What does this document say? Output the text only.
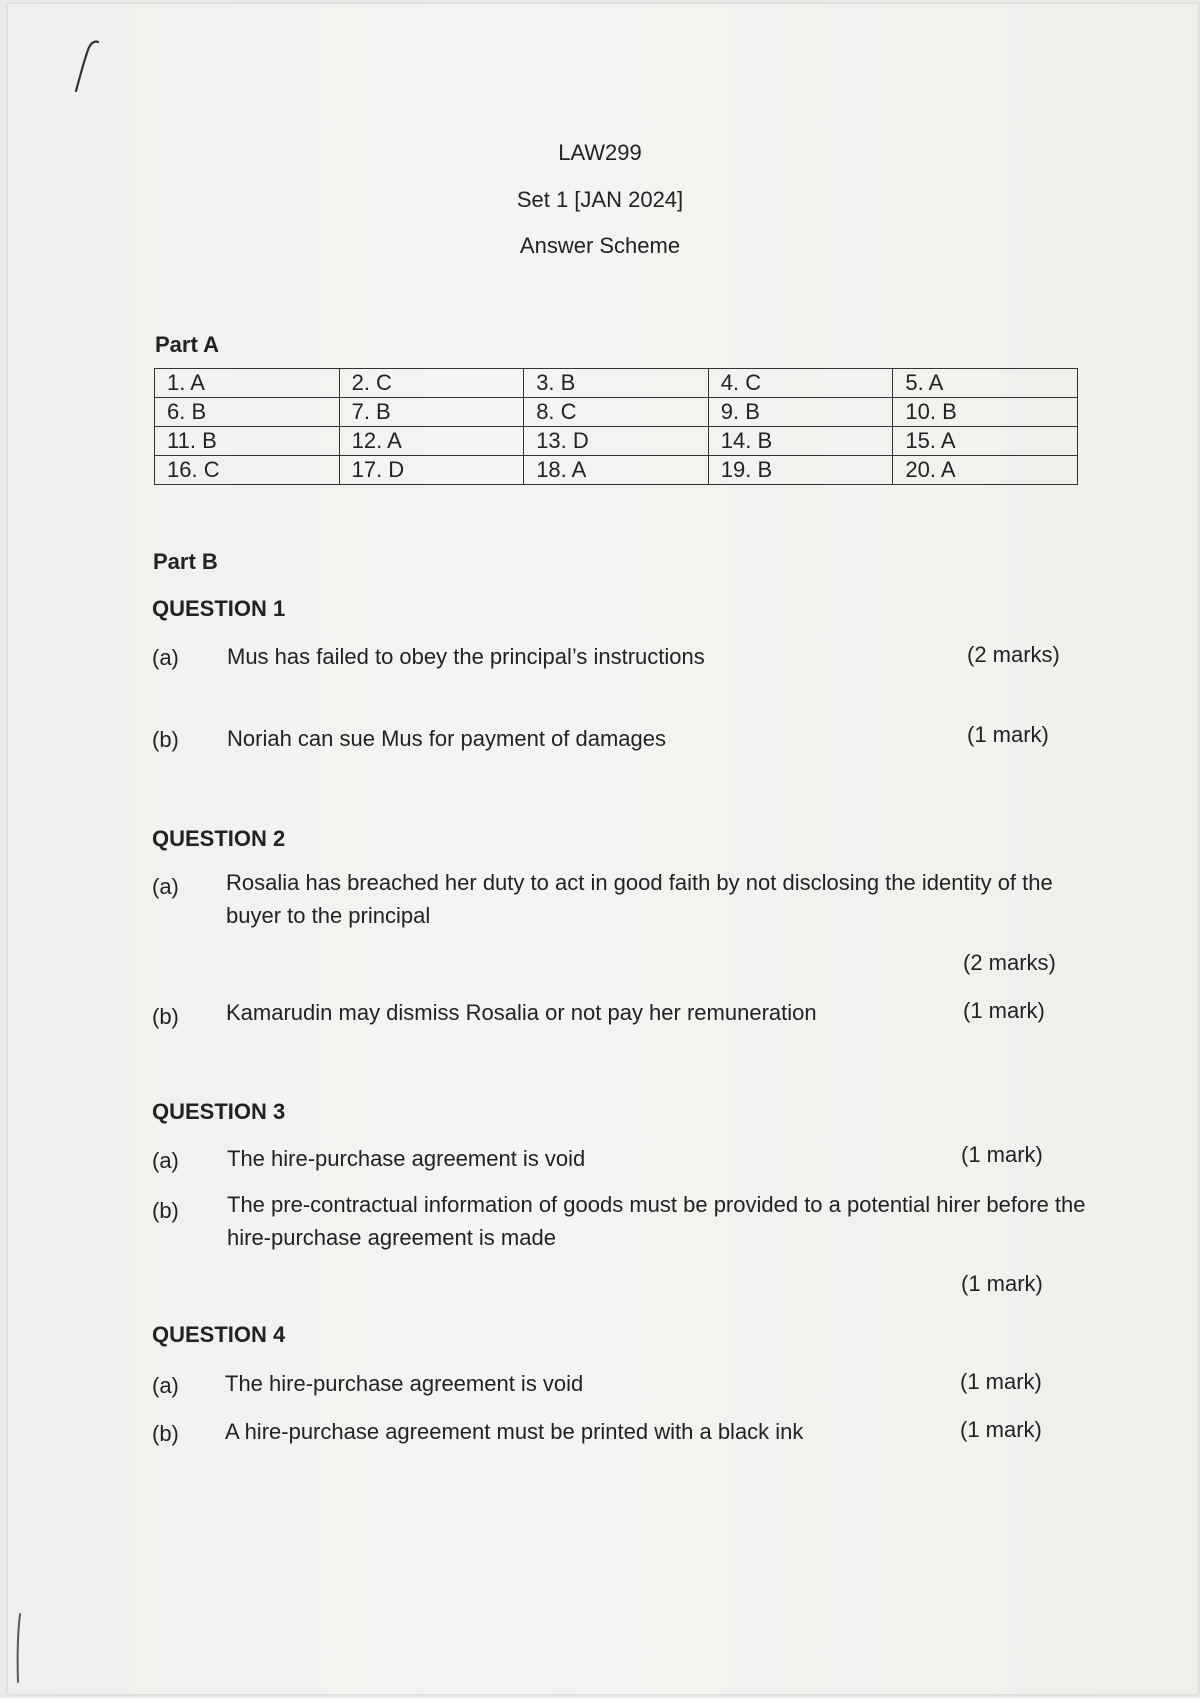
LAW299
Set 1 [JAN 2024]
Answer Scheme
Part A
1. A	2. C	3. B	4. C	5. A
6. B	7. B	8. C	9. B	10. B
11. B	12. A	13. D	14. B	15. A
16. C	17. D	18. A	19. B	20. A
Part B
QUESTION 1
(a) Mus has failed to obey the principal’s instructions	(2 marks)
(b) Noriah can sue Mus for payment of damages	(1 mark)
QUESTION 2
(a) Rosalia has breached her duty to act in good faith by not disclosing the identity of the buyer to the principal
(2 marks)
(b) Kamarudin may dismiss Rosalia or not pay her remuneration	(1 mark)
QUESTION 3
(a) The hire-purchase agreement is void	(1 mark)
(b) The pre-contractual information of goods must be provided to a potential hirer before the hire-purchase agreement is made
(1 mark)
QUESTION 4
(a) The hire-purchase agreement is void	(1 mark)
(b) A hire-purchase agreement must be printed with a black ink	(1 mark)
